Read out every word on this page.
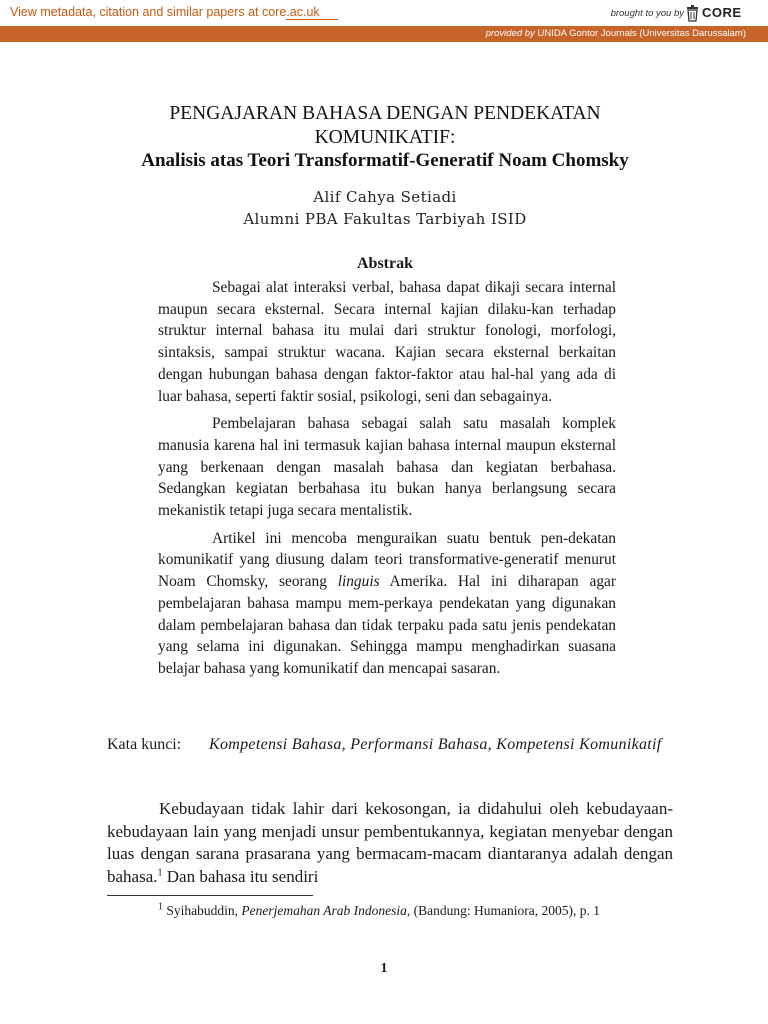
View metadata, citation and similar papers at core.ac.uk	brought to you by CORE
provided by UNIDA Gontor Journals (Universitas Darussalam)
PENGAJARAN BAHASA DENGAN PENDEKATAN
KOMUNIKATIF:
Analisis atas Teori Transformatif-Generatif Noam Chomsky
Alif Cahya Setiadi
Alumni PBA Fakultas Tarbiyah ISID
Abstrak

Sebagai alat interaksi verbal, bahasa dapat dikaji secara internal maupun secara eksternal. Secara internal kajian dilaku-kan terhadap struktur internal bahasa itu mulai dari struktur fonologi, morfologi, sintaksis, sampai struktur wacana. Kajian secara eksternal berkaitan dengan hubungan bahasa dengan faktor-faktor atau hal-hal yang ada di luar bahasa, seperti faktir sosial, psikologi, seni dan sebagainya.

Pembelajaran bahasa sebagai salah satu masalah komplek manusia karena hal ini termasuk kajian bahasa internal maupun eksternal yang berkenaan dengan masalah bahasa dan kegiatan berbahasa. Sedangkan kegiatan berbahasa itu bukan hanya berlangsung secara mekanistik tetapi juga secara mentalistik.

Artikel ini mencoba menguraikan suatu bentuk pen-dekatan komunikatif yang diusung dalam teori transformative-generatif menurut Noam Chomsky, seorang linguis Amerika. Hal ini diharapan agar pembelajaran bahasa mampu mem-perkaya pendekatan yang digunakan dalam pembelajaran bahasa dan tidak terpaku pada satu jenis pendekatan yang selama ini digunakan. Sehingga mampu menghadirkan suasana belajar bahasa yang komunikatif dan mencapai sasaran.

Kata kunci: Kompetensi Bahasa, Performansi Bahasa, Kompetensi Komunikatif

Kebudayaan tidak lahir dari kekosongan, ia didahului oleh kebudayaan-kebudayaan lain yang menjadi unsur pembentukannya, kegiatan menyebar dengan luas dengan sarana prasarana yang bermacam-macam diantaranya adalah dengan bahasa.$^1$ Dan bahasa itu sendiri

$^1$ Syihabuddin, Penerjemahan Arab Indonesia, (Bandung: Humaniora, 2005), p. 1
1
